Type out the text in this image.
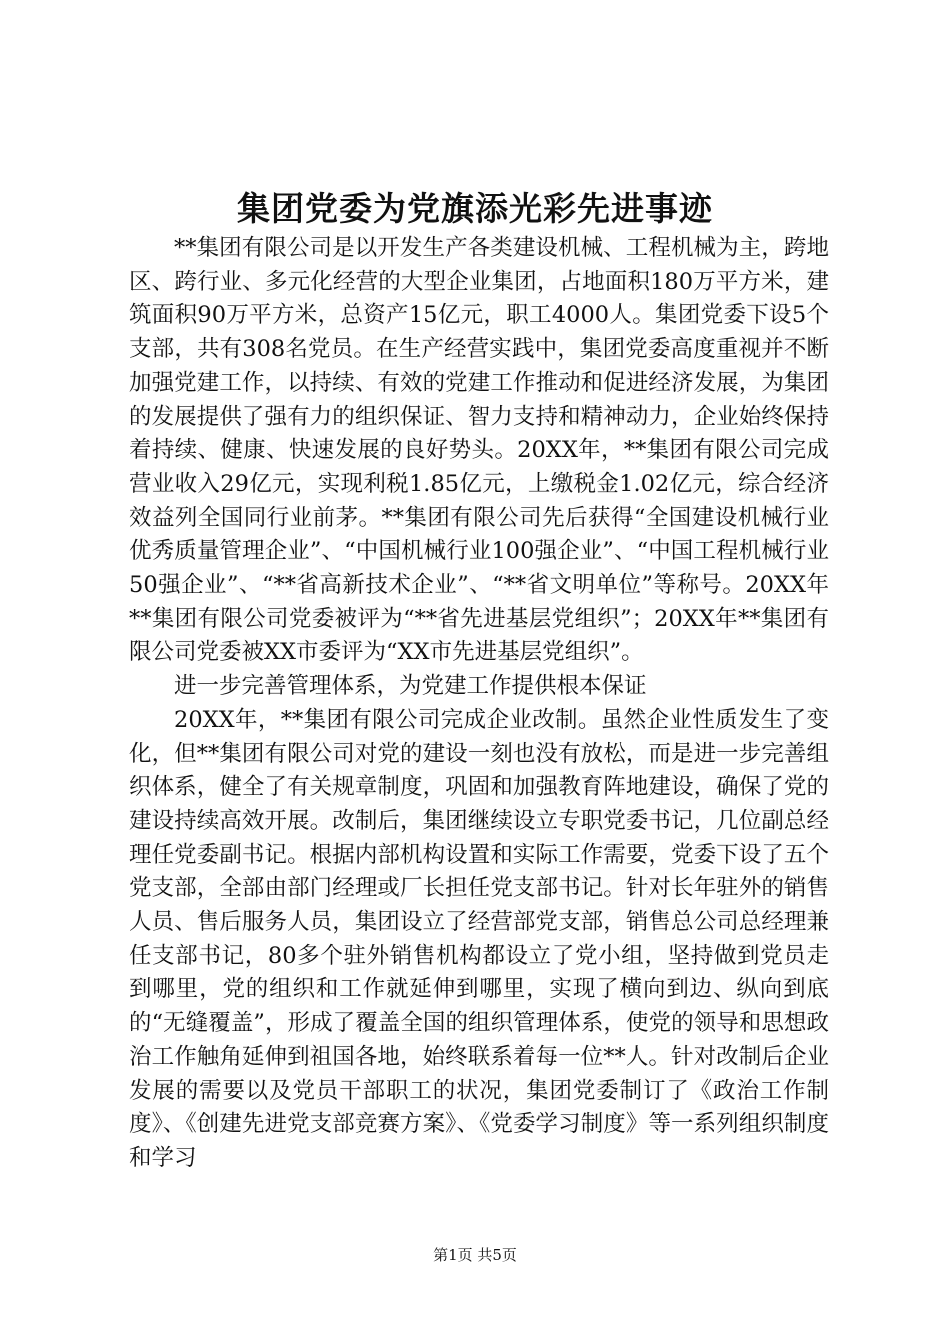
集团党委为党旗添光彩先进事迹

**集团有限公司是以开发生产各类建设机械、工程机械为主，跨地区、跨行业、多元化经营的大型企业集团，占地面积180万平方米，建筑面积90万平方米，总资产15亿元，职工4000人。集团党委下设5个支部，共有308名党员。在生产经营实践中，集团党委高度重视并不断加强党建工作，以持续、有效的党建工作推动和促进经济发展，为集团的发展提供了强有力的组织保证、智力支持和精神动力，企业始终保持着持续、健康、快速发展的良好势头。20XX年，**集团有限公司完成营业收入29亿元，实现利税1.85亿元，上缴税金1.02亿元，综合经济效益列全国同行业前茅。**集团有限公司先后获得“全国建设机械行业优秀质量管理企业”、“中国机械行业100强企业”、“中国工程机械行业50强企业”、“**省高新技术企业”、“**省文明单位”等称号。20XX年**集团有限公司党委被评为“**省先进基层党组织”；20XX年**集团有限公司党委被XX市委评为“XX市先进基层党组织”。

进一步完善管理体系，为党建工作提供根本保证

20XX年，**集团有限公司完成企业改制。虽然企业性质发生了变化，但**集团有限公司对党的建设一刻也没有放松，而是进一步完善组织体系，健全了有关规章制度，巩固和加强教育阵地建设，确保了党的建设持续高效开展。改制后，集团继续设立专职党委书记，几位副总经理任党委副书记。根据内部机构设置和实际工作需要，党委下设了五个党支部，全部由部门经理或厂长担任党支部书记。针对长年驻外的销售人员、售后服务人员，集团设立了经营部党支部，销售总公司总经理兼任支部书记，80多个驻外销售机构都设立了党小组，坚持做到党员走到哪里，党的组织和工作就延伸到哪里，实现了横向到边、纵向到底的“无缝覆盖”，形成了覆盖全国的组织管理体系，使党的领导和思想政治工作触角延伸到祖国各地，始终联系着每一位**人。针对改制后企业发展的需要以及党员干部职工的状况，集团党委制订了《政治工作制度》、《创建先进党支部竞赛方案》、《党委学习制度》等一系列组织制度和学习

第1页 共5页
